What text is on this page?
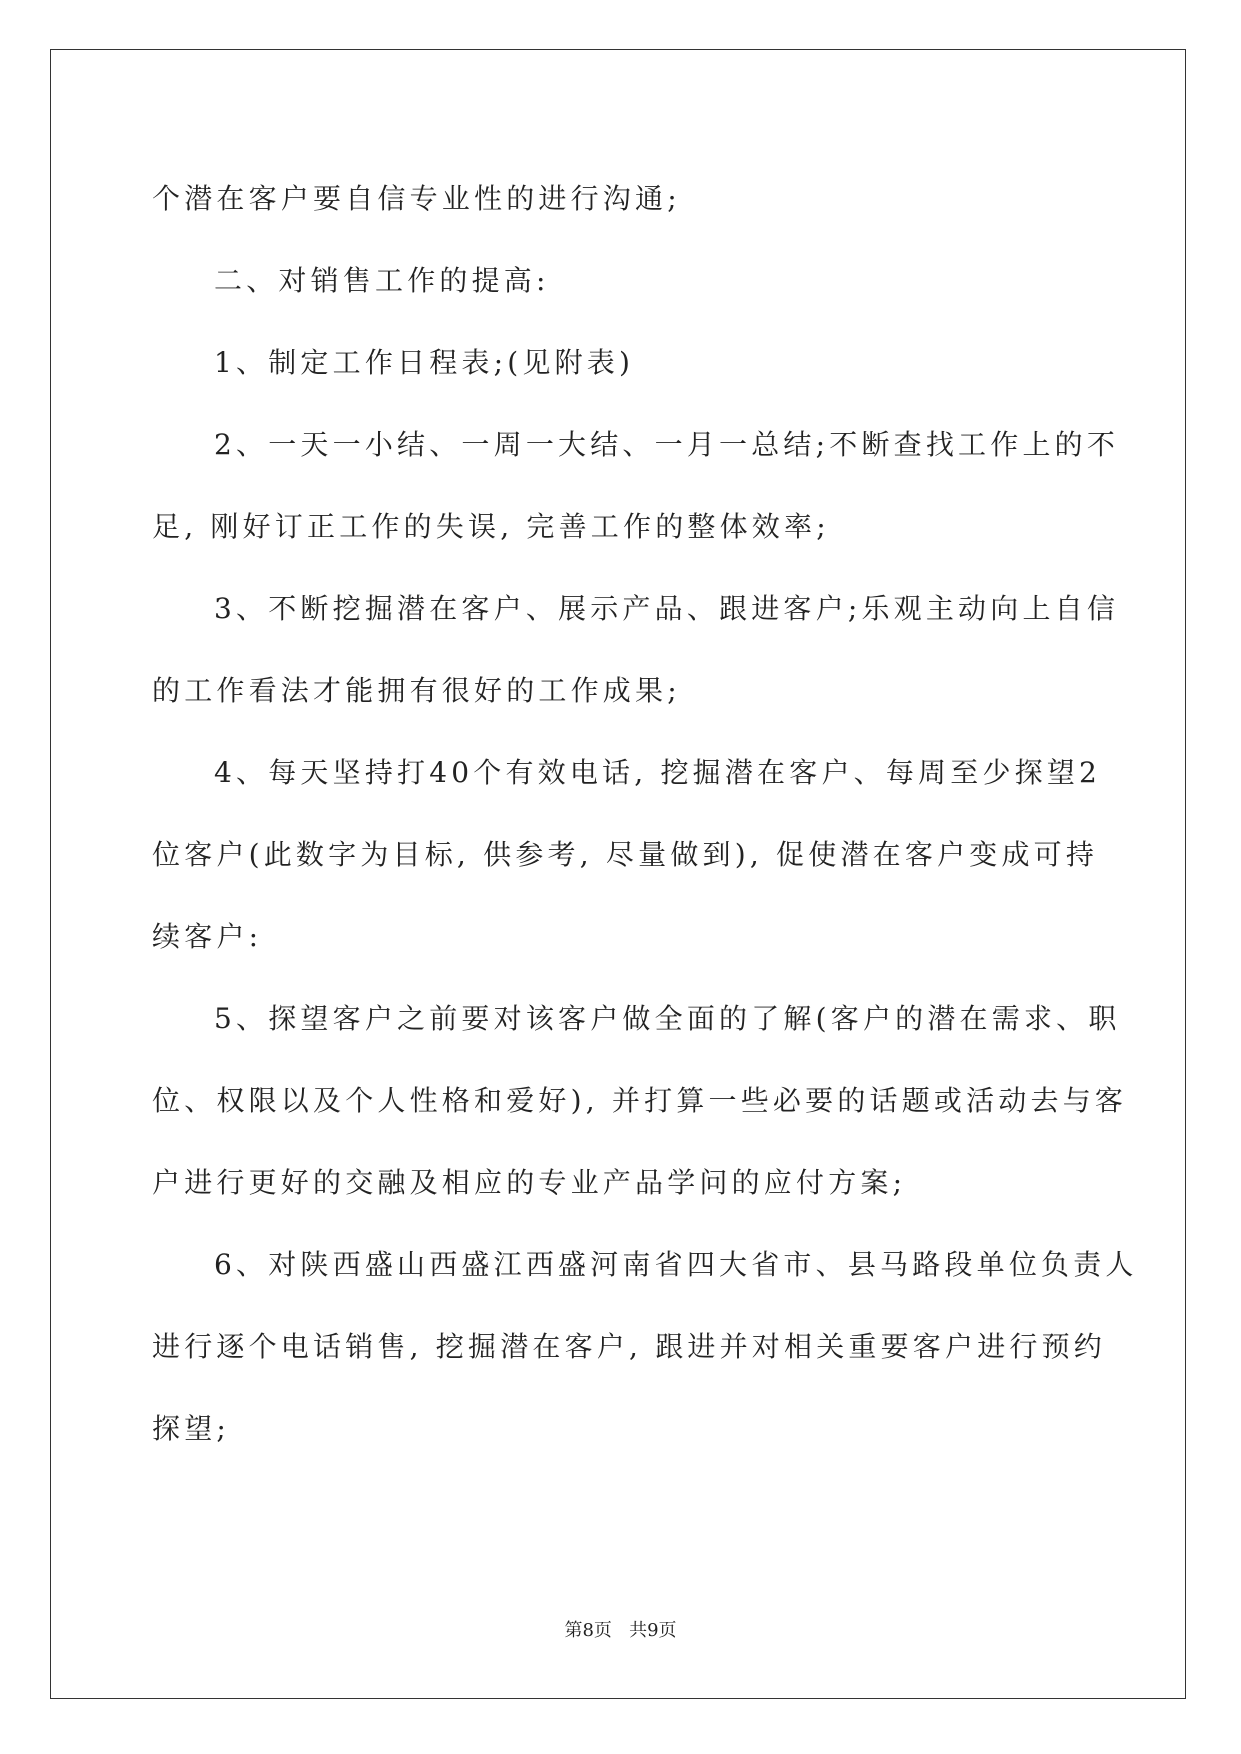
个潜在客户要自信专业性的进行沟通;
二、对销售工作的提高:
1、制定工作日程表;(见附表)
2、一天一小结、一周一大结、一月一总结;不断查找工作上的不
足, 刚好订正工作的失误, 完善工作的整体效率;
3、不断挖掘潜在客户、展示产品、跟进客户;乐观主动向上自信
的工作看法才能拥有很好的工作成果;
4、每天坚持打40个有效电话, 挖掘潜在客户、每周至少探望2
位客户(此数字为目标, 供参考, 尽量做到), 促使潜在客户变成可持
续客户:
5、探望客户之前要对该客户做全面的了解(客户的潜在需求、职
位、权限以及个人性格和爱好), 并打算一些必要的话题或活动去与客
户进行更好的交融及相应的专业产品学问的应付方案;
6、对陕西盛山西盛江西盛河南省四大省市、县马路段单位负责人
进行逐个电话销售, 挖掘潜在客户, 跟进并对相关重要客户进行预约
探望;
第8页   共9页
